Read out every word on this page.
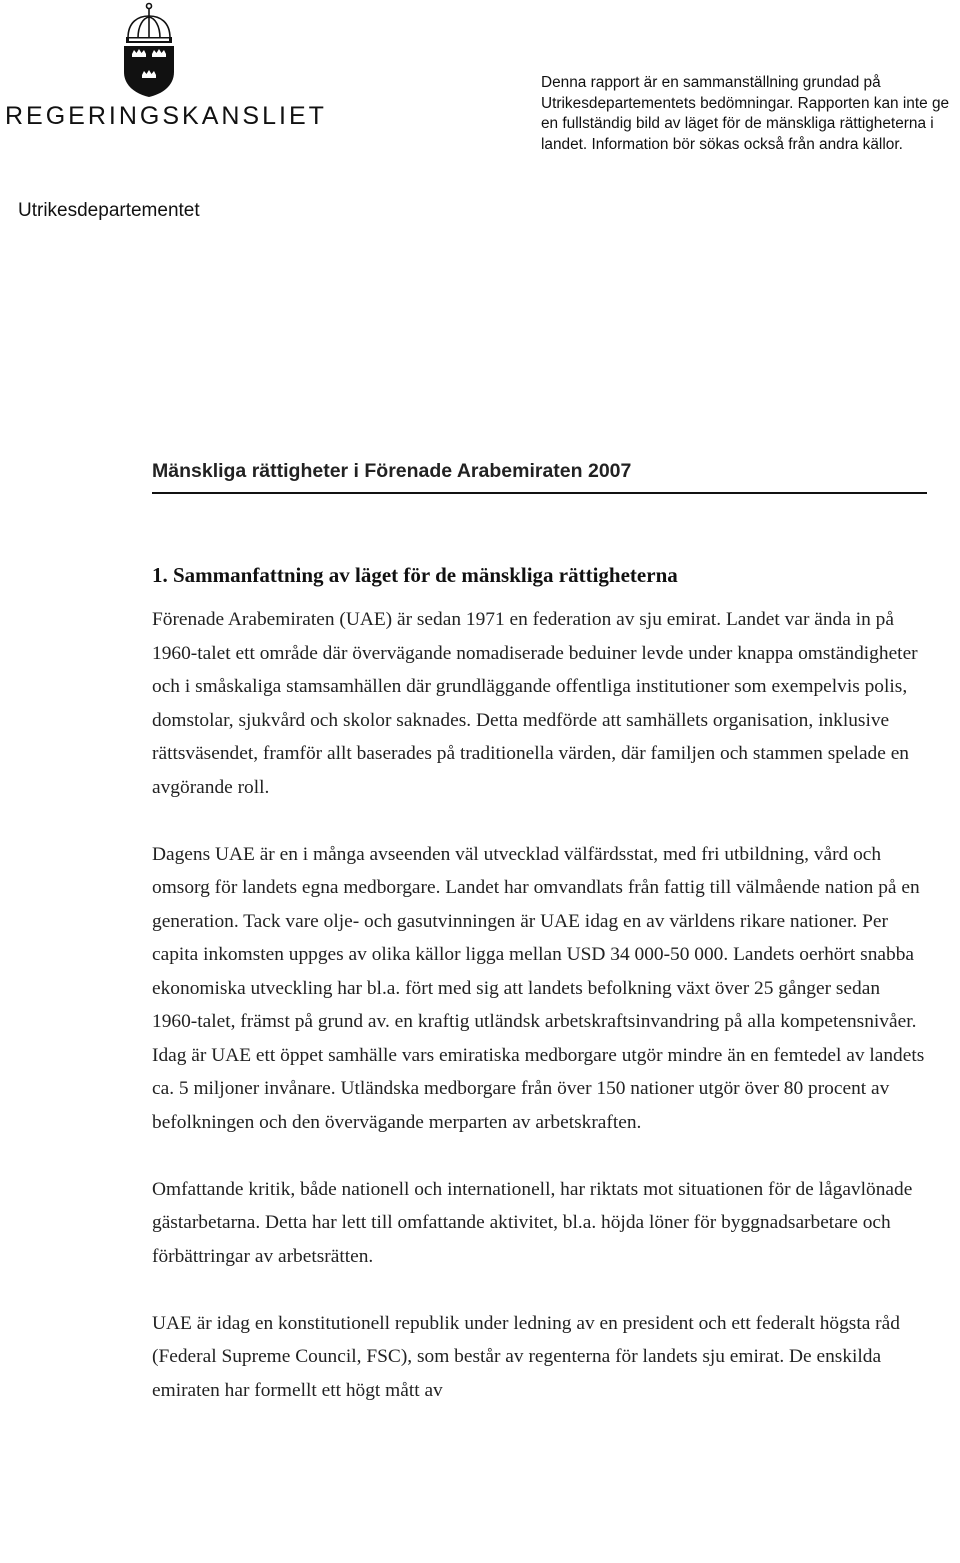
REGERINGSKANSLIET
Denna rapport är en sammanställning grundad på Utrikesdepartementets bedömningar. Rapporten kan inte ge en fullständig bild av läget för de mänskliga rättigheterna i landet. Information bör sökas också från andra källor.
Utrikesdepartementet
Mänskliga rättigheter i Förenade Arabemiraten 2007
1. Sammanfattning av läget för de mänskliga rättigheterna

Förenade Arabemiraten (UAE) är sedan 1971 en federation av sju emirat. Landet var ända in på 1960-talet ett område där övervägande nomadiserade beduiner levde under knappa omständigheter och i småskaliga stamsamhällen där grundläggande offentliga institutioner som exempelvis polis, domstolar, sjukvård och skolor saknades. Detta medförde att samhällets organisation, inklusive rättsväsendet, framför allt baserades på traditionella värden, där familjen och stammen spelade en avgörande roll.

Dagens UAE är en i många avseenden väl utvecklad välfärdsstat, med fri utbildning, vård och omsorg för landets egna medborgare. Landet har omvandlats från fattig till välmående nation på en generation. Tack vare olje- och gasutvinningen är UAE idag en av världens rikare nationer. Per capita inkomsten uppges av olika källor ligga mellan USD 34 000-50 000. Landets oerhört snabba ekonomiska utveckling har bl.a. fört med sig att landets befolkning växt över 25 gånger sedan 1960-talet, främst på grund av. en kraftig utländsk arbetskraftsinvandring på alla kompetensnivåer. Idag är UAE ett öppet samhälle vars emiratiska medborgare utgör mindre än en femtedel av landets ca. 5 miljoner invånare. Utländska medborgare från över 150 nationer utgör över 80 procent av befolkningen och den övervägande merparten av arbetskraften.

Omfattande kritik, både nationell och internationell, har riktats mot situationen för de lågavlönade gästarbetarna. Detta har lett till omfattande aktivitet, bl.a. höjda löner för byggnadsarbetare och förbättringar av arbetsrätten.

UAE är idag en konstitutionell republik under ledning av en president och ett federalt högsta råd (Federal Supreme Council, FSC), som består av regenterna för landets sju emirat. De enskilda emiraten har formellt ett högt mått av
